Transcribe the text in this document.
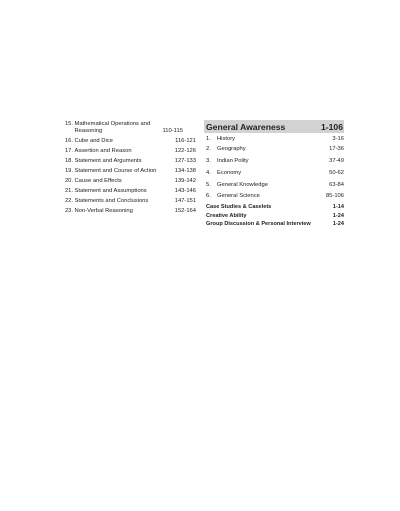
15. Mathematical Operations and Reasoning	110-115
16. Cube and Dice	116-121
17. Assertion and Reason	122-126
18. Statement and Arguments	127-133
19. Statement and Course of Action	134-138
20. Cause and Effects	139-142
21. Statement and Assumptions	143-146
22. Statements and Conclusions	147-151
23. Non-Verbal Reasoning	152-164
General Awareness	1-106
1.	History	3-16
2.	Geography	17-36
3.	Indian Polity	37-49
4.	Economy	50-62
5.	General Knowledge	63-84
6.	General Science	85-106
Case Studies & Caselets	1-14
Creative Ability	1-24
Group Discussion & Personal Interview	1-24
